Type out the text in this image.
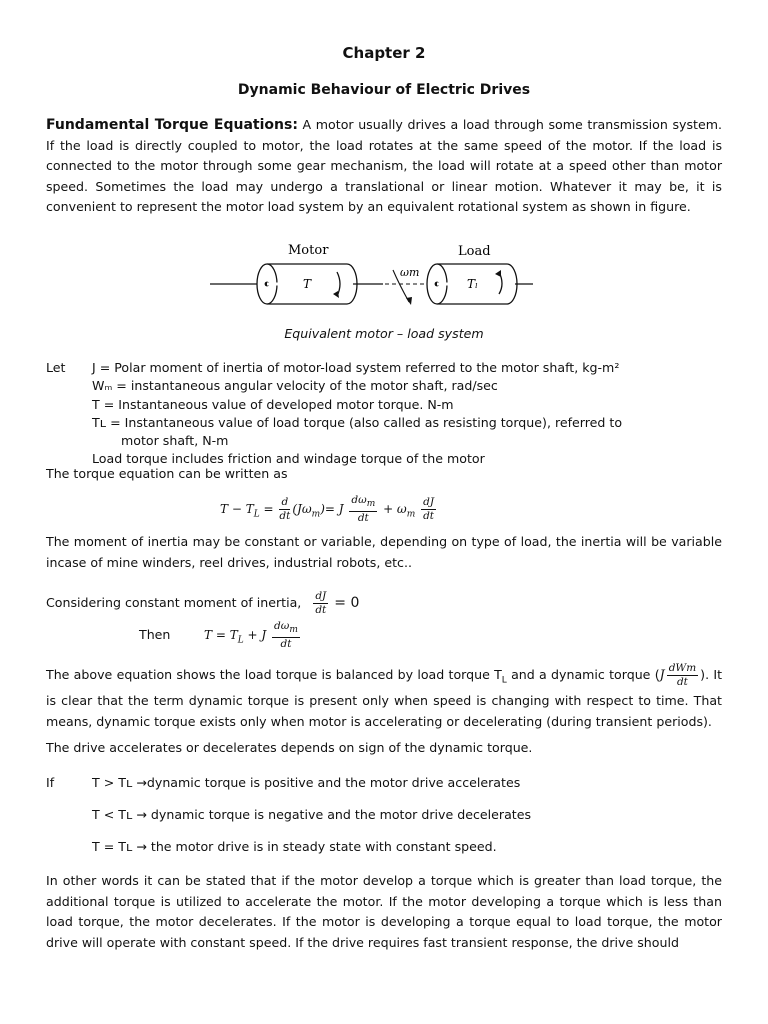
Chapter 2
Dynamic Behaviour of Electric Drives
Fundamental Torque Equations: A motor usually drives a load through some transmission system. If the load is directly coupled to motor, the load rotates at the same speed of the motor. If the load is connected to the motor through some gear mechanism, the load will rotate at a speed other than motor speed. Sometimes the load may undergo a translational or linear motion. Whatever it may be, it is convenient to represent the motor load system by an equivalent rotational system as shown in figure.
Motor	Load
T
ωm
Tₗ
Equivalent motor – load system
Let J = Polar moment of inertia of motor-load system referred to the motor shaft, kg-m²
Wₘ = instantaneous angular velocity of the motor shaft, rad/sec
T = Instantaneous value of developed motor torque. N-m
Tʟ = Instantaneous value of load torque (also called as resisting torque), referred to
motor shaft, N-m
Load torque includes friction and windage torque of the motor
The torque equation can be written as
$T - T_L = \frac{d}{dt} (J\omega_m)= J \frac{d\omega_m}{dt} + \omega_m \frac{dJ}{dt}$
The moment of inertia may be constant or variable, depending on type of load, the inertia will be variable incase of mine winders, reel drives, industrial robots, etc..
Considering constant moment of inertia, $\frac{dJ}{dt} = 0$
Then	$T = T_L + J \frac{d\omega_m}{dt}$
The above equation shows the load torque is balanced by load torque $T_L$ and a dynamic torque ($J \frac{\text{dWm}}{dt}$ ). It is clear that the term dynamic torque is present only when speed is changing with respect to time. That means, dynamic torque exists only when motor is accelerating or decelerating (during transient periods).
The drive accelerates or decelerates depends on sign of the dynamic torque.
If	T > Tʟ →dynamic torque is positive and the motor drive accelerates
T < Tʟ → dynamic torque is negative and the motor drive decelerates
T = Tʟ → the motor drive is in steady state with constant speed.
In other words it can be stated that if the motor develop a torque which is greater than load torque, the additional torque is utilized to accelerate the motor. If the motor developing a torque which is less than load torque, the motor decelerates. If the motor is developing a torque equal to load torque, the motor drive will operate with constant speed. If the drive requires fast transient response, the drive should
